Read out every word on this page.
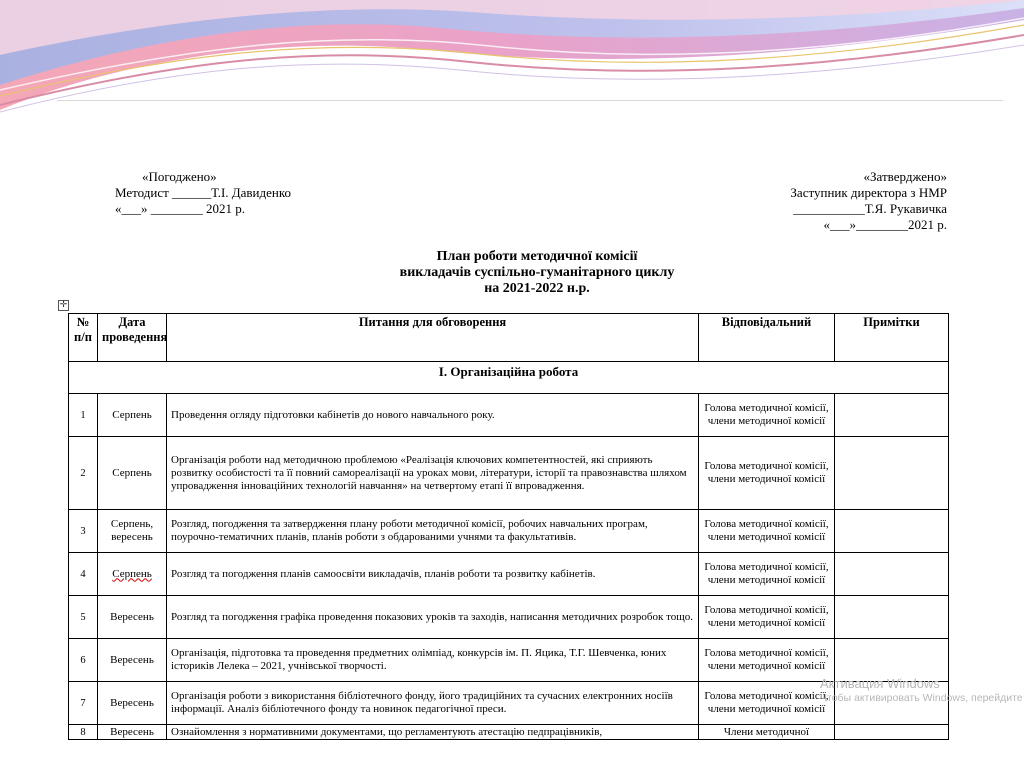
«Погоджено»
Методист ______Т.І. Давиденко
«___» ________ 2021 р.
«Затверджено»
Заступник директора з НМР
___________Т.Я. Рукавичка
«___»________2021 р.
План роботи методичної комісії
викладачів суспільно-гуманітарного циклу
на 2021-2022 н.р.
✛
№ п/п	Дата проведення	Питання для обговорення	Відповідальний	Примітки
І. Організаційна робота				
1	Серпень	Проведення огляду підготовки кабінетів до нового навчального року.	Голова методичної комісії, члени методичної комісії	
2	Серпень	Організація роботи над методичною проблемою «Реалізація ключових компетентностей, які сприяють розвитку особистості та її повний самореалізації на уроках мови, літератури, історії та правознавства шляхом упровадження інноваційних технологій навчання» на четвертому етапі її впровадження.	Голова методичної комісії, члени методичної комісії	
3	Серпень, вересень	Розгляд, погодження та затвердження плану роботи методичної комісії, робочих навчальних програм, поурочно-тематичних планів, планів роботи з обдарованими учнями та факультативів.	Голова методичної комісії, члени методичної комісії	
4	Серпень	Розгляд та погодження планів самоосвіти викладачів, планів роботи та розвитку кабінетів.	Голова методичної комісії, члени методичної комісії	
5	Вересень	Розгляд та погодження графіка проведення показових уроків та заходів, написання методичних розробок тощо.	Голова методичної комісії, члени методичної комісії	
6	Вересень	Організація, підготовка та проведення предметних олімпіад, конкурсів ім. П. Яцика, Т.Г. Шевченка, юних істориків Лелека – 2021, учнівської творчості.	Голова методичної комісії, члени методичної комісії	
7	Вересень	Організація роботи з використання бібліотечного фонду, його традиційних та сучасних електронних носіїв інформації. Аналіз бібліотечного фонду та новинок педагогічної преси.	Голова методичної комісії, члени методичної комісії	
8	Вересень	Ознайомлення з нормативними документами, що регламентують атестацію педпрацівників,	Члени методичної	
Активация Windows
Чтобы активировать Windows, перейдите
